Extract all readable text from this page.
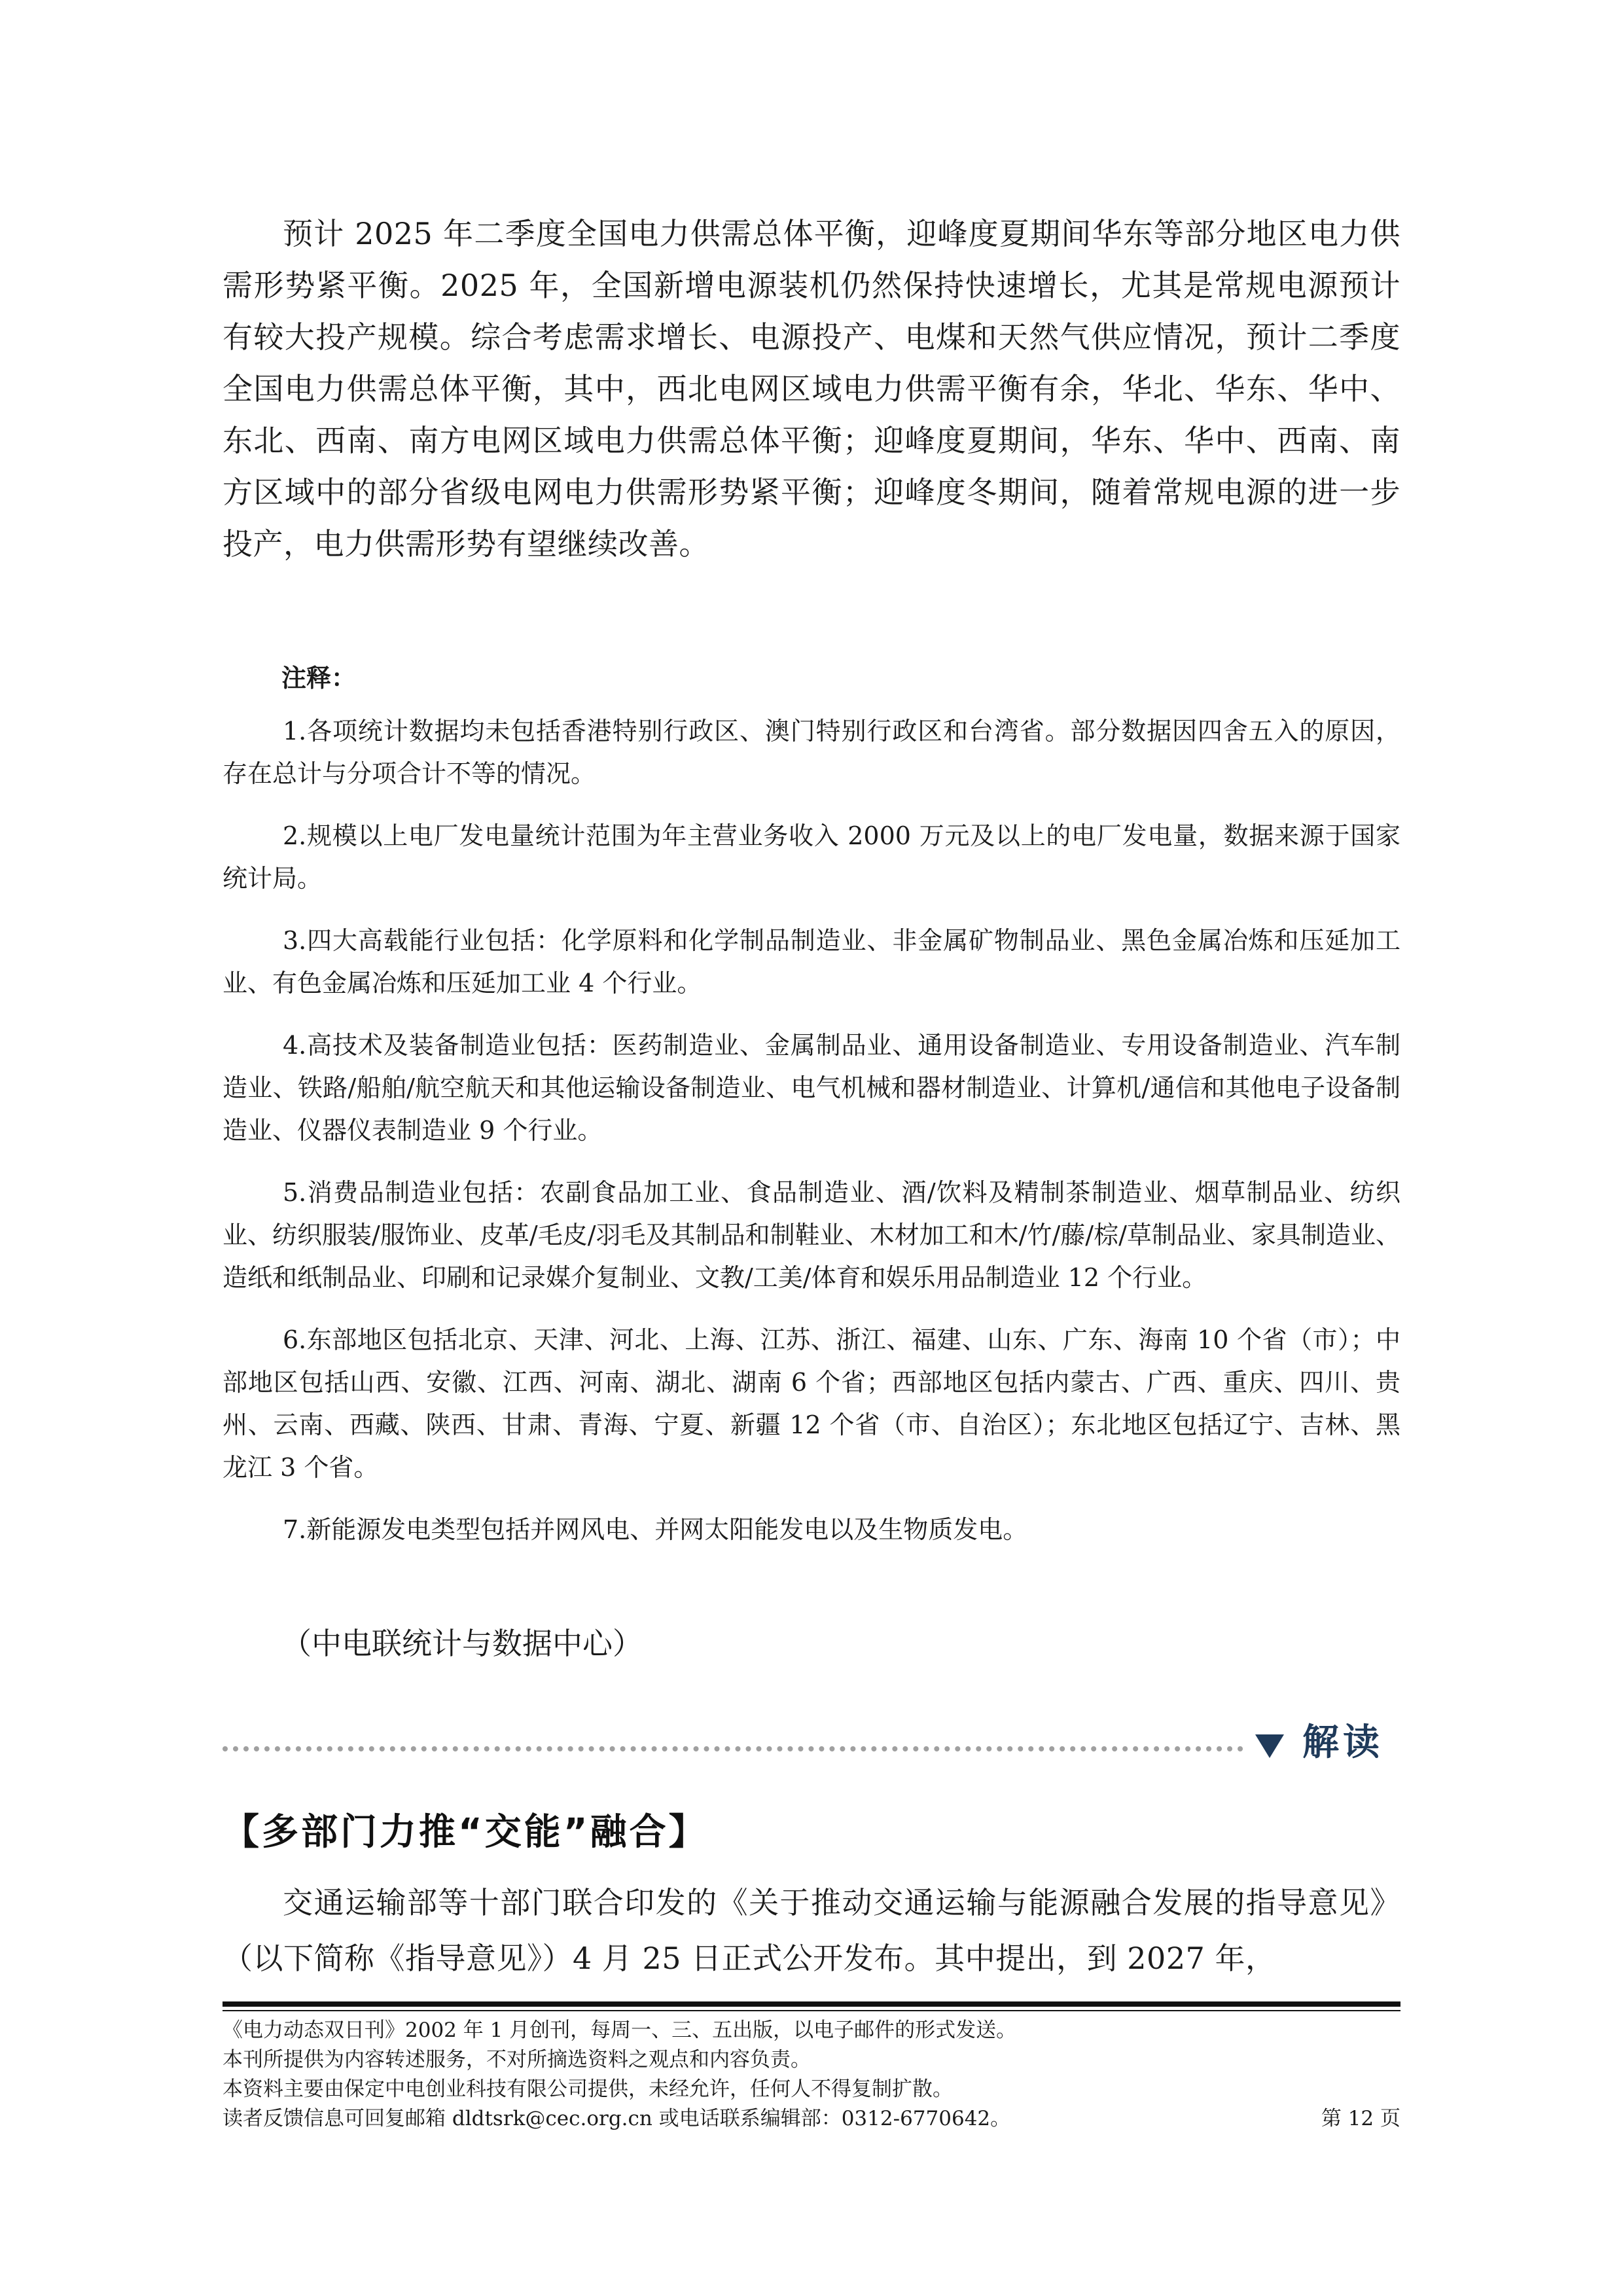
预计 2025 年二季度全国电力供需总体平衡，迎峰度夏期间华东等部分地区电力供需形势紧平衡。2025 年，全国新增电源装机仍然保持快速增长，尤其是常规电源预计有较大投产规模。综合考虑需求增长、电源投产、电煤和天然气供应情况，预计二季度全国电力供需总体平衡，其中，西北电网区域电力供需平衡有余，华北、华东、华中、东北、西南、南方电网区域电力供需总体平衡；迎峰度夏期间，华东、华中、西南、南方区域中的部分省级电网电力供需形势紧平衡；迎峰度冬期间，随着常规电源的进一步投产，电力供需形势有望继续改善。

注释：

1.各项统计数据均未包括香港特别行政区、澳门特别行政区和台湾省。部分数据因四舍五入的原因，存在总计与分项合计不等的情况。

2.规模以上电厂发电量统计范围为年主营业务收入 2000 万元及以上的电厂发电量，数据来源于国家统计局。

3.四大高载能行业包括：化学原料和化学制品制造业、非金属矿物制品业、黑色金属冶炼和压延加工业、有色金属冶炼和压延加工业 4 个行业。

4.高技术及装备制造业包括：医药制造业、金属制品业、通用设备制造业、专用设备制造业、汽车制造业、铁路/船舶/航空航天和其他运输设备制造业、电气机械和器材制造业、计算机/通信和其他电子设备制造业、仪器仪表制造业 9 个行业。

5.消费品制造业包括：农副食品加工业、食品制造业、酒/饮料及精制茶制造业、烟草制品业、纺织业、纺织服装/服饰业、皮革/毛皮/羽毛及其制品和制鞋业、木材加工和木/竹/藤/棕/草制品业、家具制造业、造纸和纸制品业、印刷和记录媒介复制业、文教/工美/体育和娱乐用品制造业 12 个行业。

6.东部地区包括北京、天津、河北、上海、江苏、浙江、福建、山东、广东、海南 10 个省（市）；中部地区包括山西、安徽、江西、河南、湖北、湖南 6 个省；西部地区包括内蒙古、广西、重庆、四川、贵州、云南、西藏、陕西、甘肃、青海、宁夏、新疆 12 个省（市、自治区）；东北地区包括辽宁、吉林、黑龙江 3 个省。

7.新能源发电类型包括并网风电、并网太阳能发电以及生物质发电。

（中电联统计与数据中心）
解读
【多部门力推“交能”融合】

交通运输部等十部门联合印发的《关于推动交通运输与能源融合发展的指导意见》（以下简称《指导意见》）4 月 25 日正式公开发布。其中提出，到 2027 年，

《电力动态双日刊》2002 年 1 月创刊，每周一、三、五出版，以电子邮件的形式发送。
本刊所提供为内容转述服务，不对所摘选资料之观点和内容负责。
本资料主要由保定中电创业科技有限公司提供，未经允许，任何人不得复制扩散。
读者反馈信息可回复邮箱 dldtsrk@cec.org.cn 或电话联系编辑部：0312-6770642。	第 12 页
